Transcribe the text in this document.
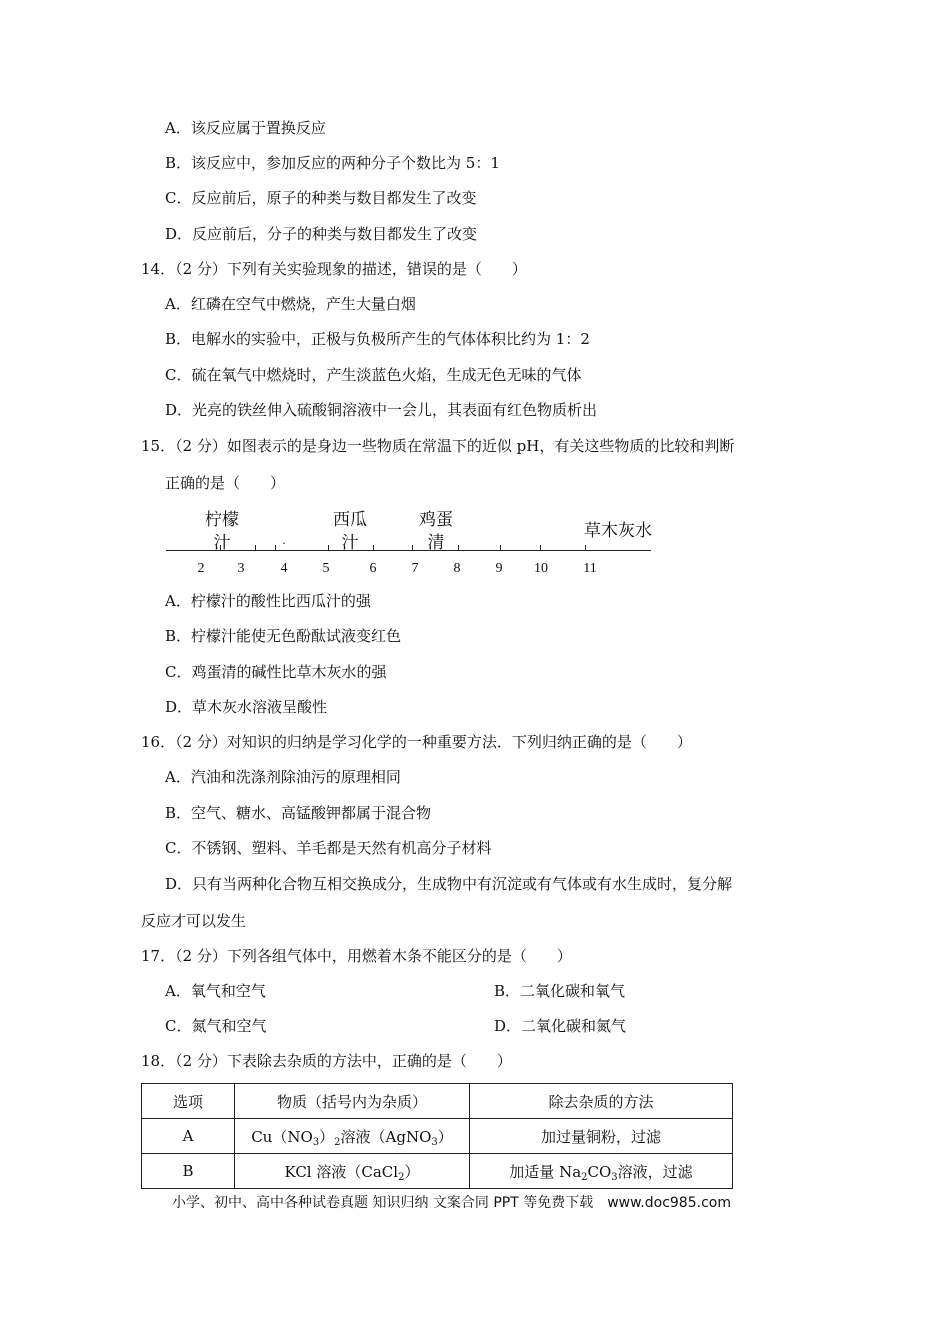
A．该反应属于置换反应
B．该反应中，参加反应的两种分子个数比为 5：1
C．反应前后，原子的种类与数目都发生了改变
D．反应前后，分子的种类与数目都发生了改变
14．（2 分）下列有关实验现象的描述，错误的是（　　）
A．红磷在空气中燃烧，产生大量白烟
B．电解水的实验中，正极与负极所产生的气体体积比约为 1：2
C．硫在氧气中燃烧时，产生淡蓝色火焰，生成无色无味的气体
D．光亮的铁丝伸入硫酸铜溶液中一会儿，其表面有红色物质析出
15．（2 分）如图表示的是身边一些物质在常温下的近似 pH，有关这些物质的比较和判断
正确的是（　　）
2	3	4	5	6	7	8	9	10	11
柠檬
汁	.
西瓜
汁
鸡蛋
清
草木灰水
A．柠檬汁的酸性比西瓜汁的强
B．柠檬汁能使无色酚酞试液变红色
C．鸡蛋清的碱性比草木灰水的强
D．草木灰水溶液呈酸性
16．（2 分）对知识的归纳是学习化学的一种重要方法．下列归纳正确的是（　　）
A．汽油和洗涤剂除油污的原理相同
B．空气、糖水、高锰酸钾都属于混合物
C．不锈钢、塑料、羊毛都是天然有机高分子材料
D．只有当两种化合物互相交换成分，生成物中有沉淀或有气体或有水生成时，复分解
反应才可以发生
17．（2 分）下列各组气体中，用燃着木条不能区分的是（　　）
A．氧气和空气	B．二氧化碳和氧气
C．氮气和空气	D．二氧化碳和氮气
18．（2 分）下表除去杂质的方法中，正确的是（　　）
选项	物质（括号内为杂质）	除去杂质的方法
A	$Cu(NO_3)_2$溶液（AgNO$_3$）	加过量铜粉，过滤
B	KCl 溶液（CaCl$_2$）	加适量 $Na_2CO_3$溶液，过滤
小学、初中、高中各种试卷真题 知识归纳 文案合同 PPT 等免费下载　www.doc985.com
